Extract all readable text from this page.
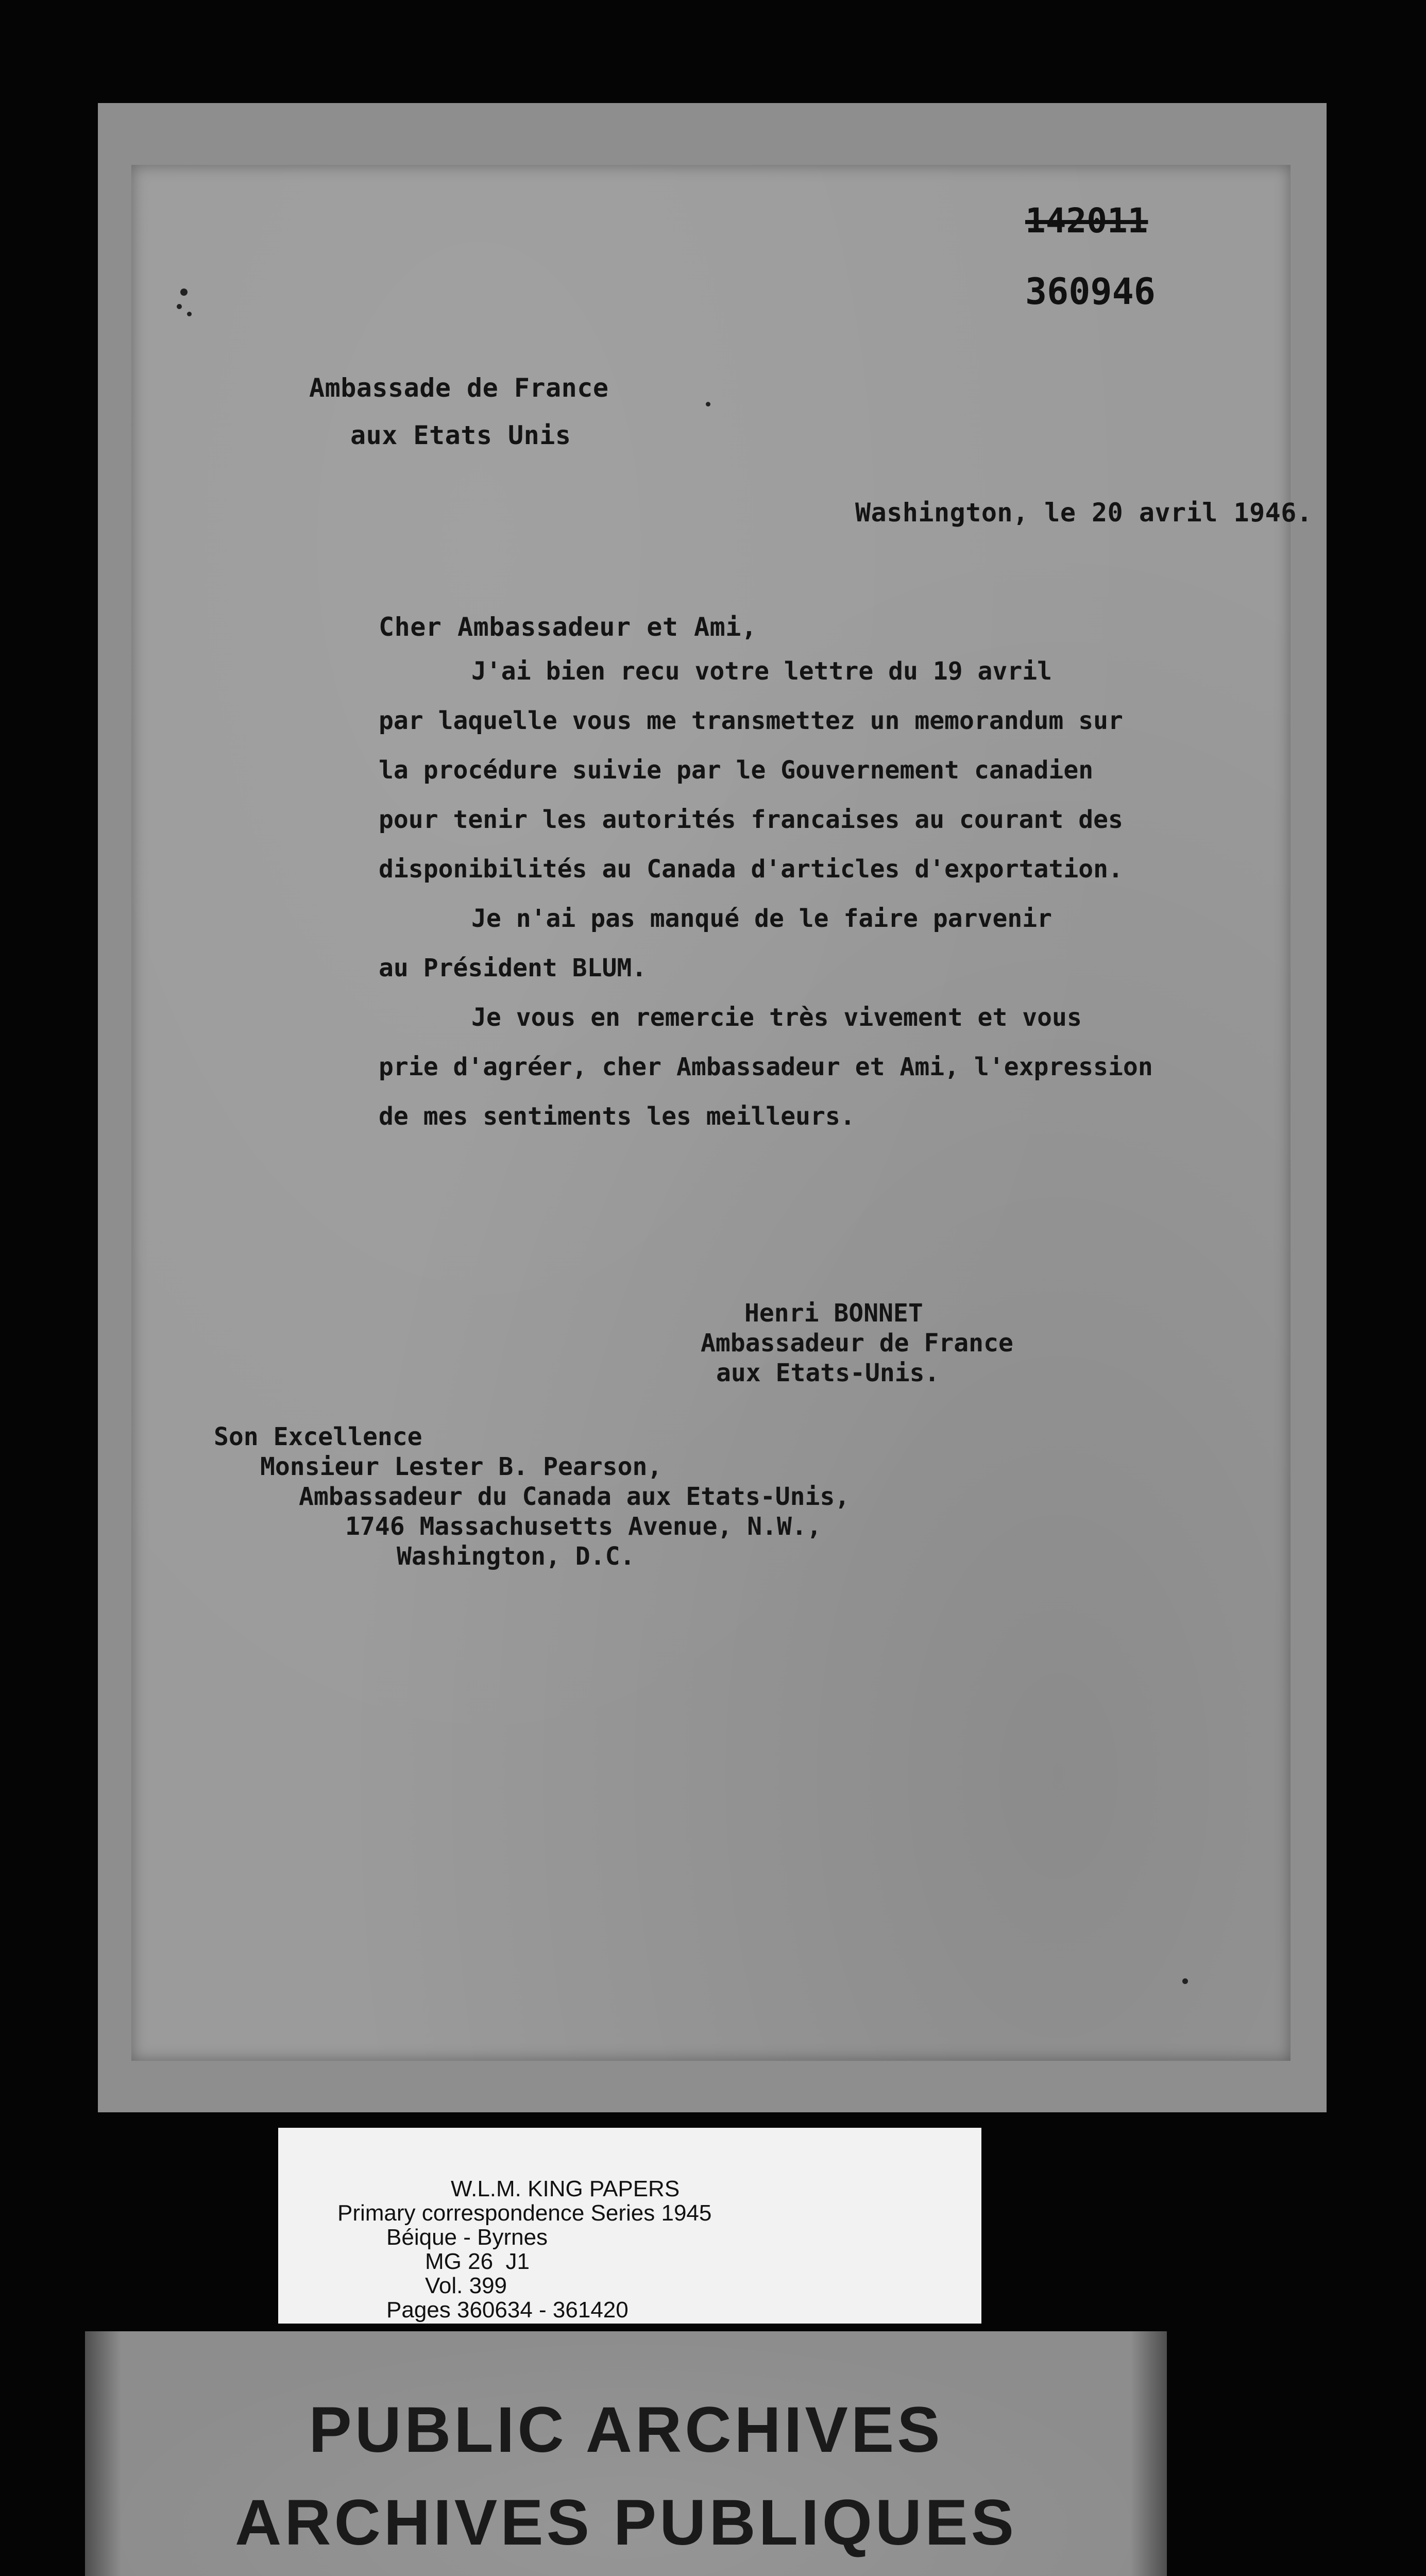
142011
360946
Ambassade de France
aux Etats Unis
Washington, le 20 avril 1946.
Cher Ambassadeur et Ami,

J'ai bien recu votre lettre du 19 avril

par laquelle vous me transmettez un memorandum sur

la procédure suivie par le Gouvernement canadien

pour tenir les autorités francaises au courant des

disponibilités au Canada d'articles d'exportation.

Je n'ai pas manqué de le faire parvenir

au Président BLUM.

Je vous en remercie très vivement et vous

prie d'agréer, cher Ambassadeur et Ami, l'expression

de mes sentiments les meilleurs.

Henri BONNET
Ambassadeur de France
aux Etats-Unis.
Son Excellence
Monsieur Lester B. Pearson,
Ambassadeur du Canada aux Etats-Unis,
1746 Massachusetts Avenue, N.W.,
Washington, D.C.
W.L.M. KING PAPERS
Primary correspondence Series 1945
Béique - Byrnes
MG 26  J1
Vol. 399
Pages 360634 - 361420
PUBLIC ARCHIVES
ARCHIVES PUBLIQUES
